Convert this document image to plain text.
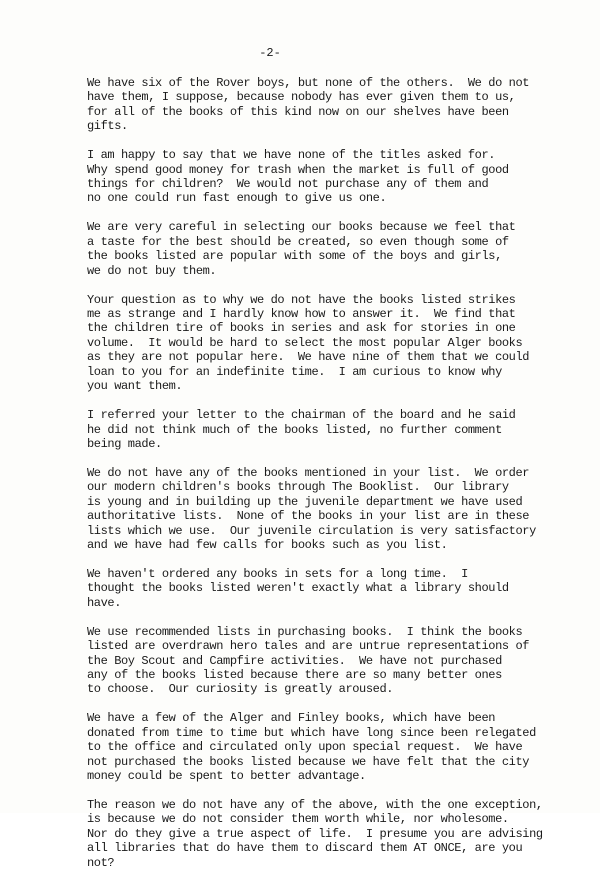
-2-
We have six of the Rover boys, but none of the others.  We do not
have them, I suppose, because nobody has ever given them to us,
for all of the books of this kind now on our shelves have been
gifts.
I am happy to say that we have none of the titles asked for.
Why spend good money for trash when the market is full of good
things for children?  We would not purchase any of them and
no one could run fast enough to give us one.
We are very careful in selecting our books because we feel that
a taste for the best should be created, so even though some of
the books listed are popular with some of the boys and girls,
we do not buy them.
Your question as to why we do not have the books listed strikes
me as strange and I hardly know how to answer it.  We find that
the children tire of books in series and ask for stories in one
volume.  It would be hard to select the most popular Alger books
as they are not popular here.  We have nine of them that we could
loan to you for an indefinite time.  I am curious to know why
you want them.
I referred your letter to the chairman of the board and he said
he did not think much of the books listed, no further comment
being made.
We do not have any of the books mentioned in your list.  We order
our modern children's books through The Booklist.  Our library
is young and in building up the juvenile department we have used
authoritative lists.  None of the books in your list are in these
lists which we use.  Our juvenile circulation is very satisfactory
and we have had few calls for books such as you list.
We haven't ordered any books in sets for a long time.  I
thought the books listed weren't exactly what a library should
have.
We use recommended lists in purchasing books.  I think the books
listed are overdrawn hero tales and are untrue representations of
the Boy Scout and Campfire activities.  We have not purchased
any of the books listed because there are so many better ones
to choose.  Our curiosity is greatly aroused.
We have a few of the Alger and Finley books, which have been
donated from time to time but which have long since been relegated
to the office and circulated only upon special request.  We have
not purchased the books listed because we have felt that the city
money could be spent to better advantage.
The reason we do not have any of the above, with the one exception,
is because we do not consider them worth while, nor wholesome.
Nor do they give a true aspect of life.  I presume you are advising
all libraries that do have them to discard them AT ONCE, are you
not?
